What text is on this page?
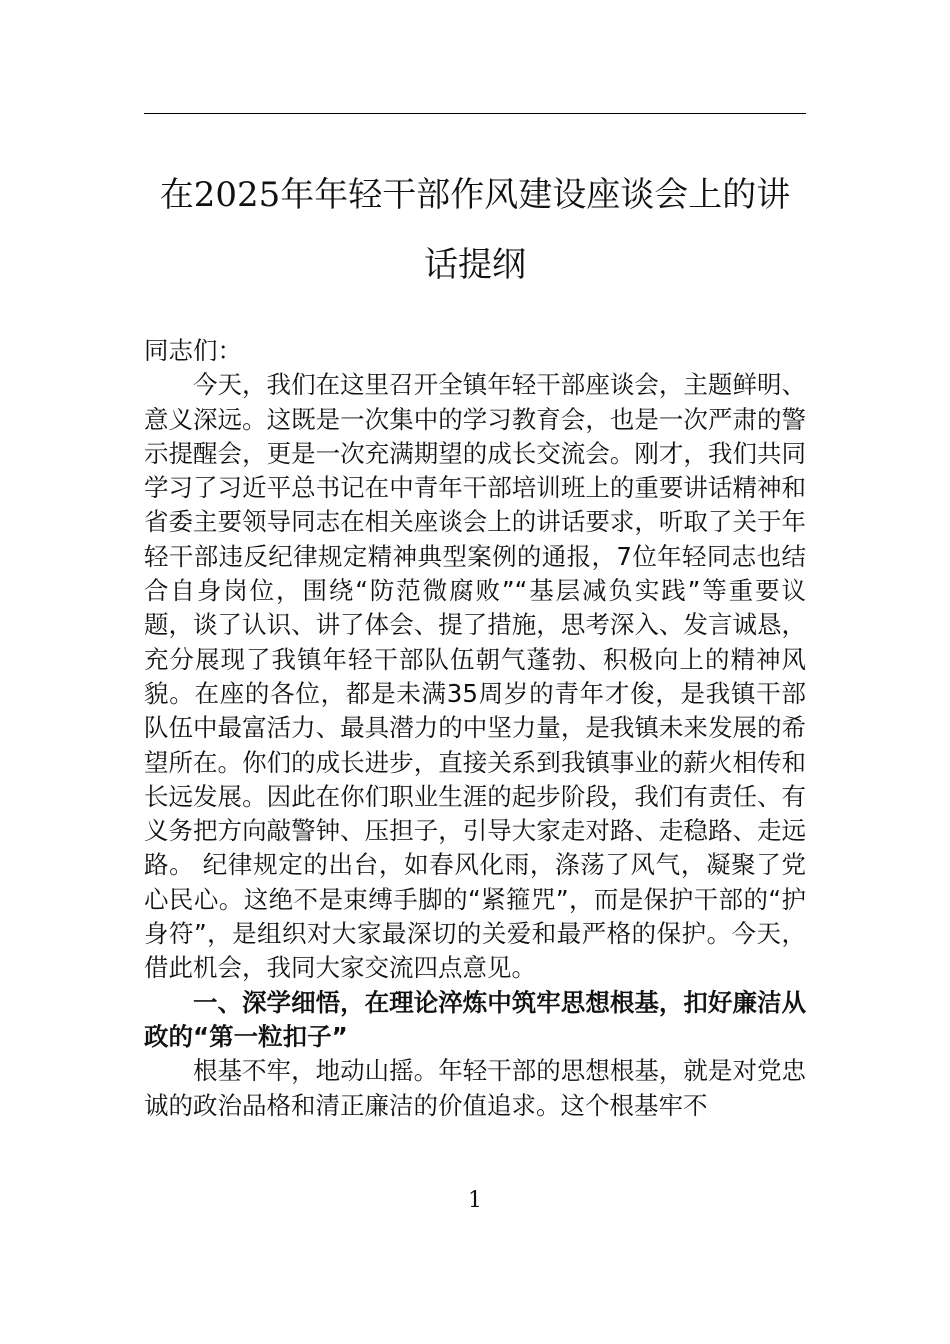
在2025年年轻干部作风建设座谈会上的讲话提纲

同志们：

今天，我们在这里召开全镇年轻干部座谈会，主题鲜明、意义深远。这既是一次集中的学习教育会，也是一次严肃的警示提醒会，更是一次充满期望的成长交流会。刚才，我们共同学习了习近平总书记在中青年干部培训班上的重要讲话精神和省委主要领导同志在相关座谈会上的讲话要求，听取了关于年轻干部违反纪律规定精神典型案例的通报，7位年轻同志也结合自身岗位，围绕“防范微腐败”“基层减负实践”等重要议题，谈了认识、讲了体会、提了措施，思考深入、发言诚恳，充分展现了我镇年轻干部队伍朝气蓬勃、积极向上的精神风貌。在座的各位，都是未满35周岁的青年才俊，是我镇干部队伍中最富活力、最具潜力的中坚力量，是我镇未来发展的希望所在。你们的成长进步，直接关系到我镇事业的薪火相传和长远发展。因此在你们职业生涯的起步阶段，我们有责任、有义务把方向敲警钟、压担子，引导大家走对路、走稳路、走远路。 纪律规定的出台，如春风化雨，涤荡了风气，凝聚了党心民心。这绝不是束缚手脚的“紧箍咒”，而是保护干部的“护身符”，是组织对大家最深切的关爱和最严格的保护。今天，借此机会，我同大家交流四点意见。

一、深学细悟，在理论淬炼中筑牢思想根基，扣好廉洁从政的“第一粒扣子”

根基不牢，地动山摇。年轻干部的思想根基，就是对党忠诚的政治品格和清正廉洁的价值追求。这个根基牢不

1
